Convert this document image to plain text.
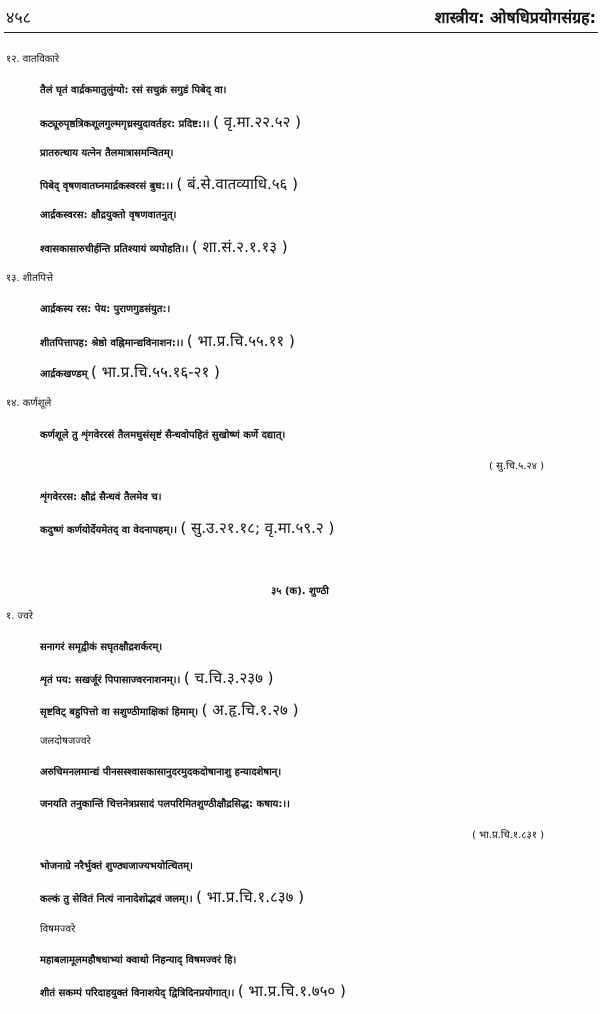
४५८	शास्त्रीय: ओषधिप्रयोगसंग्रह:
१२. वातविकारे
तैलं घृतं वार्द्रकमातुलुंग्यो: रसं सचुक्रं सगुडं पिबेद् वा।
कट्यूरुपृष्ठत्रिकशूलगुल्मगृध्रस्युदावर्तहर: प्रदिष्ट:।। ( वृ.मा.२२.५२ )
प्रातरुत्थाय यत्नेन तैलमात्रासमन्वितम्।
पिबेद् वृषणवातघ्नमार्द्रकस्वरसं बुध:।। ( बं.से.वातव्याधि.५६ )
आर्द्रकस्वरस: क्षौद्रयुक्तो वृषणवातनुत्।
श्वासकासारुचीर्हन्ति प्रतिश्यायं व्यपोहति।। ( शा.सं.२.१.१३ )
१३. शीतपित्ते
आर्द्रकस्य रस: पेय: पुराणगुडसंयुत:।
शीतपित्तापह: श्रेष्ठो वह्निमान्द्यविनाशन:।। ( भा.प्र.चि.५५.११ )
आर्द्रकखण्डम् ( भा.प्र.चि.५५.१६-२१ )
१४. कर्णशूले
कर्णशूले तु शृंगवेररसं तैलमधुसंसृष्टं सैन्धवोपहितं सुखोष्णं कर्णे दद्यात्।
( सु.चि.५.२४ )
शृंगवेररस: क्षौद्रं सैन्धवं तैलमेव च।
कदुष्णं कर्णयोर्देयमेतद् वा वेदनापहम्।। ( सु.उ.२१.१८; वृ.मा.५९.२ )
३५ (क). शुण्ठी
१. ज्वरे
सनागरं समृद्वीकं सघृतक्षौद्रशर्करम्।
शृतं पय: सखर्जूरं पिपासाज्वरनाशनम्।। ( च.चि.३.२३७ )
सृष्टविट् बहुपित्तो वा सशुण्ठीमाक्षिकां हिमाम्। ( अ.हृ.चि.१.२७ )
जलदोषजज्वरे
अरुचिमनलमान्द्यं पीनसस्श्वासकासानुदरमुदकदोषानाशु हन्यादशेषान्।
जनयति तनुकान्तिं चित्तनेत्रप्रसादं पलपरिमितशुण्ठीक्षौद्रसिद्ध: कषाय:।।
( भा.प्र.चि.१.८३१ )
भोजनाग्रे नरैर्भुक्तं शुण्ठ्यजाज्यभयोत्थितम्।
कल्कं तु सेवितं नित्यं नानादेशोद्भवं जलम्।। ( भा.प्र.चि.१.८३७ )
विषमज्वरे
महाबलामूलमहौषधाभ्यां क्वाथो निहन्याद् विषमज्वरं हि।
शीतं सकम्पं परिदाहयुक्तं विनाशयेद् द्वित्रिदिनप्रयोगात्।। ( भा.प्र.चि.१.७५० )
